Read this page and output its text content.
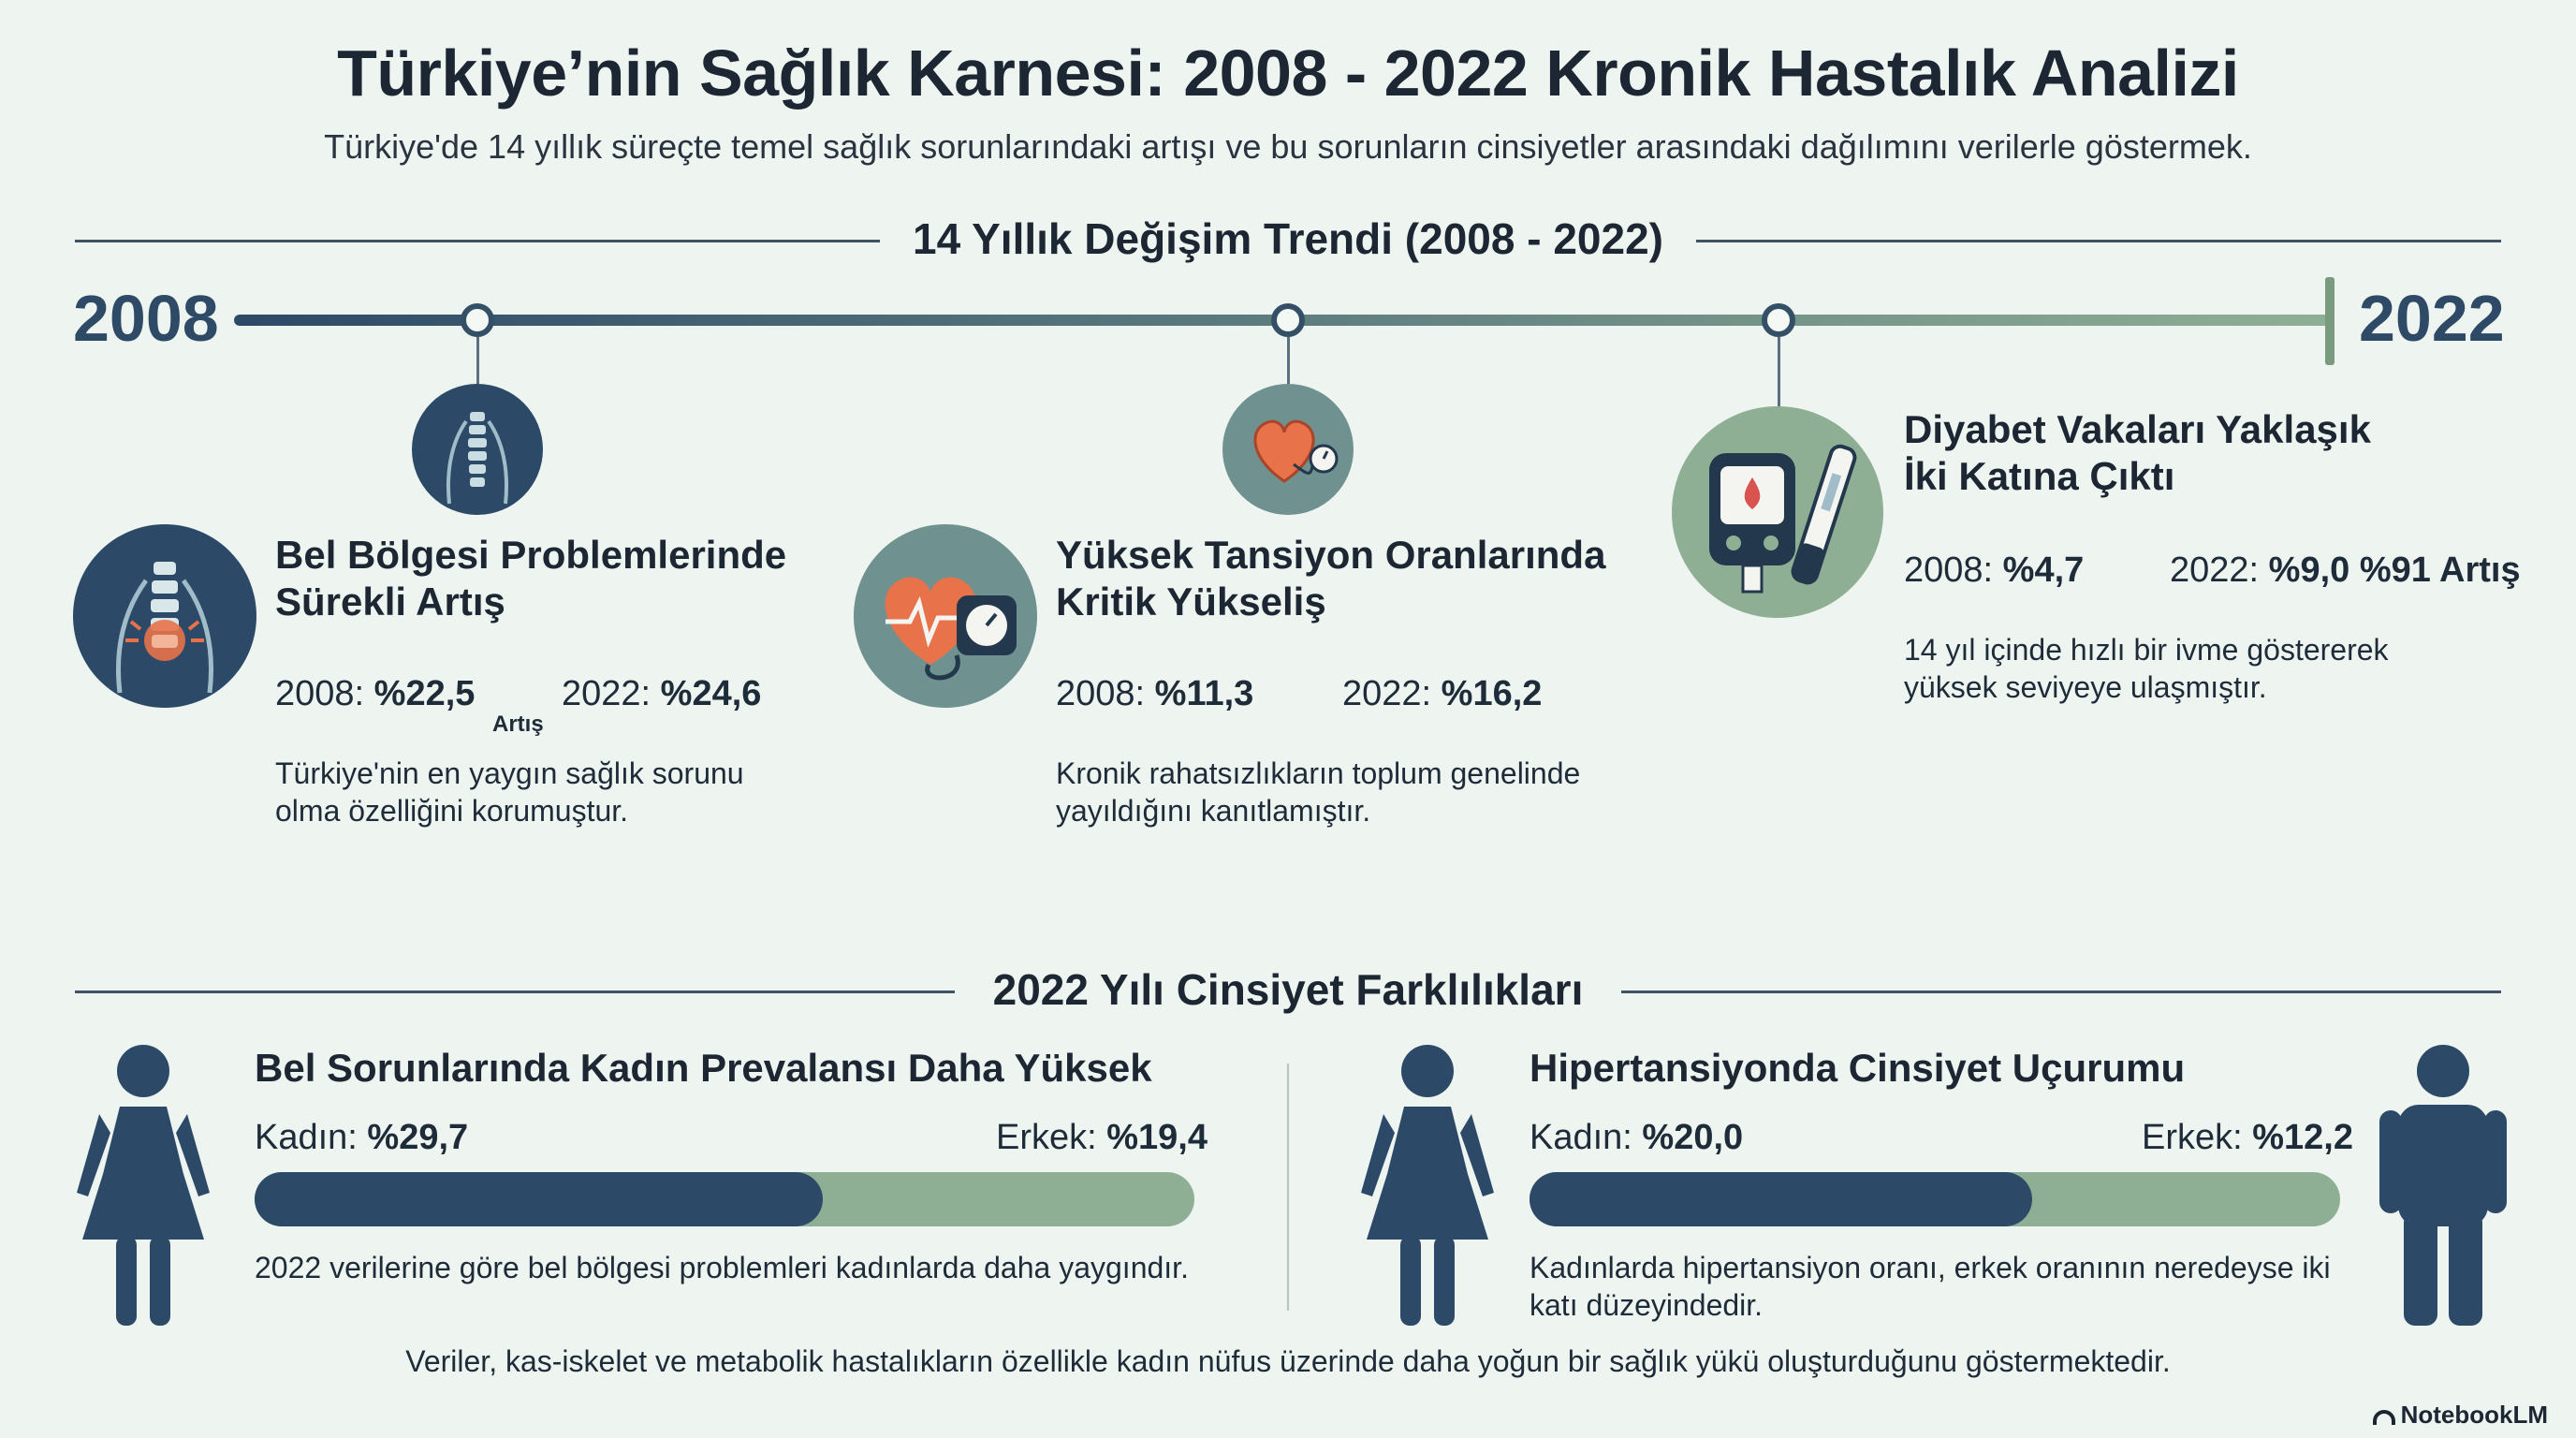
Türkiye’nin Sağlık Karnesi: 2008 - 2022 Kronik Hastalık Analizi
Türkiye'de 14 yıllık süreçte temel sağlık sorunlarındaki artışı ve bu sorunların cinsiyetler arasındaki dağılımını verilerle göstermek.
14 Yıllık Değişim Trendi (2008 - 2022)
2008	2022
Bel Bölgesi Problemlerinde
Sürekli Artış
2008: %22,5
Artış
2022: %24,6
Türkiye'nin en yaygın sağlık sorunu
olma özelliğini korumuştur.
Yüksek Tansiyon Oranlarında
Kritik Yükseliş
2008: %11,3 2022: %16,2
Kronik rahatsızlıkların toplum genelinde
yayıldığını kanıtlamıştır.
Diyabet Vakaları Yaklaşık
İki Katına Çıktı
2008: %4,7 2022: %9,0 %91 Artış
14 yıl içinde hızlı bir ivme göstererek
yüksek seviyeye ulaşmıştır.
2022 Yılı Cinsiyet Farklılıkları
Bel Sorunlarında Kadın Prevalansı Daha Yüksek
Kadın: %29,7	Erkek: %19,4
2022 verilerine göre bel bölgesi problemleri kadınlarda daha yaygındır.
Hipertansiyonda Cinsiyet Uçurumu
Kadın: %20,0	Erkek: %12,2
Kadınlarda hipertansiyon oranı, erkek oranının neredeyse iki
katı düzeyindedir.
Veriler, kas-iskelet ve metabolik hastalıkların özellikle kadın nüfus üzerinde daha yoğun bir sağlık yükü oluşturduğunu göstermektedir.
NotebookLM
